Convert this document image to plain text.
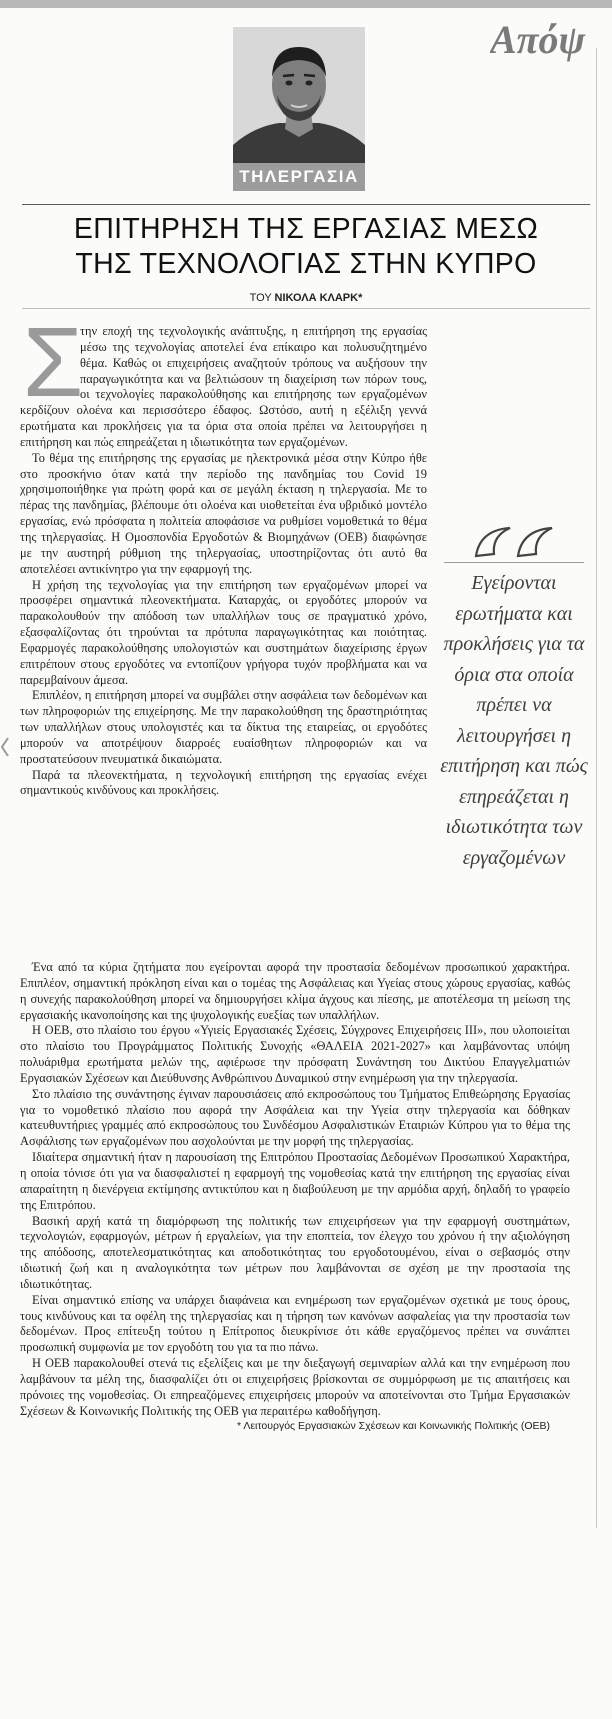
Απόψ
ΤΗΛΕΡΓΑΣΙΑ
ΕΠΙΤΗΡΗΣΗ ΤΗΣ ΕΡΓΑΣΙΑΣ ΜΕΣΩ
ΤΗΣ ΤΕΧΝΟΛΟΓΙΑΣ ΣΤΗΝ ΚΥΠΡΟ
ΤΟΥ ΝΙΚΟΛΑ ΚΛΑΡΚ*
Σ

την εποχή της τεχνολογικής ανάπτυξης, η επιτήρηση της εργασίας μέσω της τεχνολογίας αποτελεί ένα επίκαιρο και πολυσυζητημένο θέμα. Καθώς οι επιχειρήσεις αναζητούν τρόπους να αυξήσουν την παραγωγικότητα και να βελτιώσουν τη διαχείριση των πόρων τους, οι τεχνολογίες παρακολούθησης και επιτήρησης των εργαζομένων κερδίζουν ολοένα και περισσότερο έδαφος. Ωστόσο, αυτή η εξέλιξη γεννά ερωτήματα και προκλήσεις για τα όρια στα οποία πρέπει να λειτουργήσει η επιτήρηση και πώς επηρεάζεται η ιδιωτικότητα των εργαζομένων.

Το θέμα της επιτήρησης της εργασίας με ηλεκτρονικά μέσα στην Κύπρο ήθε στο προσκήνιο όταν κατά την περίοδο της πανδημίας του Covid 19 χρησιμοποιήθηκε για πρώτη φορά και σε μεγάλη έκταση η τηλεργασία. Με το πέρας της πανδημίας, βλέπουμε ότι ολοένα και υιοθετείται ένα υβριδικό μοντέλο εργασίας, ενώ πρόσφατα η πολιτεία αποφάσισε να ρυθμίσει νομοθετικά το θέμα της τηλεργασίας. Η Ομοσπονδία Εργοδοτών & Βιομηχάνων (ΟΕΒ) διαφώνησε με την αυστηρή ρύθμιση της τηλεργασίας, υποστηρίζοντας ότι αυτό θα αποτελέσει αντικίνητρο για την εφαρμογή της.

Η χρήση της τεχνολογίας για την επιτήρηση των εργαζομένων μπορεί να προσφέρει σημαντικά πλεονεκτήματα. Καταρχάς, οι εργοδότες μπορούν να παρακολουθούν την απόδοση των υπαλλήλων τους σε πραγματικό χρόνο, εξασφαλίζοντας ότι τηρούνται τα πρότυπα παραγωγικότητας και ποιότητας. Εφαρμογές παρακολούθησης υπολογιστών και συστημάτων διαχείρισης έργων επιτρέπουν στους εργοδότες να εντοπίζουν γρήγορα τυχόν προβλήματα και να παρεμβαίνουν άμεσα.

Επιπλέον, η επιτήρηση μπορεί να συμβάλει στην ασφάλεια των δεδομένων και των πληροφοριών της επιχείρησης. Με την παρακολούθηση της δραστηριότητας των υπαλλήλων στους υπολογιστές και τα δίκτυα της εταιρείας, οι εργοδότες μπορούν να αποτρέψουν διαρροές ευαίσθητων πληροφοριών και να προστατεύσουν πνευματικά δικαιώματα.

Παρά τα πλεονεκτήματα, η τεχνολογική επιτήρηση της εργασίας ενέχει σημαντικούς κινδύνους και προκλήσεις.

Ένα από τα κύρια ζητήματα που εγείρονται αφορά την προστασία δεδομένων προσωπικού χαρακτήρα. Επιπλέον, σημαντική πρόκληση είναι και ο τομέας της Ασφάλειας και Υγείας στους χώρους εργασίας, καθώς η συνεχής παρακολούθηση μπορεί να δημιουργήσει κλίμα άγχους και πίεσης, με αποτέλεσμα τη μείωση της εργασιακής ικανοποίησης και της ψυχολογικής ευεξίας των υπαλλήλων.

Η ΟΕΒ, στο πλαίσιο του έργου «Υγιείς Εργασιακές Σχέσεις, Σύγχρονες Επιχειρήσεις ΙΙΙ», που υλοποιείται στο πλαίσιο του Προγράμματος Πολιτικής Συνοχής «ΘΑΛΕΙΑ 2021-2027» και λαμβάνοντας υπόψη πολυάριθμα ερωτήματα μελών της, αφιέρωσε την πρόσφατη Συνάντηση του Δικτύου Επαγγελματιών Εργασιακών Σχέσεων και Διεύθυνσης Ανθρώπινου Δυναμικού στην ενημέρωση για την τηλεργασία.

Στο πλαίσιο της συνάντησης έγιναν παρουσιάσεις από εκπροσώπους του Τμήματος Επιθεώρησης Εργασίας για το νομοθετικό πλαίσιο που αφορά την Ασφάλεια και την Υγεία στην τηλεργασία και δόθηκαν κατευθυντήριες γραμμές από εκπροσώπους του Συνδέσμου Ασφαλιστικών Εταιριών Κύπρου για το θέμα της Ασφάλισης των εργαζομένων που ασχολούνται με την μορφή της τηλεργασίας.

Ιδιαίτερα σημαντική ήταν η παρουσίαση της Επιτρόπου Προστασίας Δεδομένων Προσωπικού Χαρακτήρα, η οποία τόνισε ότι για να διασφαλιστεί η εφαρμογή της νομοθεσίας κατά την επιτήρηση της εργασίας είναι απαραίτητη η διενέργεια εκτίμησης αντικτύπου και η διαβούλευση με την αρμόδια αρχή, δηλαδή το γραφείο της Επιτρόπου.

Βασική αρχή κατά τη διαμόρφωση της πολιτικής των επιχειρήσεων για την εφαρμογή συστημάτων, τεχνολογιών, εφαρμογών, μέτρων ή εργαλείων, για την εποπτεία, τον έλεγχο του χρόνου ή την αξιολόγηση της απόδοσης, αποτελεσματικότητας και αποδοτικότητας του εργοδοτουμένου, είναι ο σεβασμός στην ιδιωτική ζωή και η αναλογικότητα των μέτρων που λαμβάνονται σε σχέση με την προστασία της ιδιωτικότητας.

Είναι σημαντικό επίσης να υπάρχει διαφάνεια και ενημέρωση των εργαζομένων σχετικά με τους όρους, τους κινδύνους και τα οφέλη της τηλεργασίας και η τήρηση των κανόνων ασφαλείας για την προστασία των δεδομένων. Προς επίτευξη τούτου η Επίτροπος διευκρίνισε ότι κάθε εργαζόμενος πρέπει να συνάπτει προσωπική συμφωνία με τον εργοδότη του για τα πιο πάνω.

Η ΟΕΒ παρακολουθεί στενά τις εξελίξεις και με την διεξαγωγή σεμιναρίων αλλά και την ενημέρωση που λαμβάνουν τα μέλη της, διασφαλίζει ότι οι επιχειρήσεις βρίσκονται σε συμμόρφωση με τις απαιτήσεις και πρόνοιες της νομοθεσίας. Οι επηρεαζόμενες επιχειρήσεις μπορούν να αποτείνονται στο Τμήμα Εργασιακών Σχέσεων & Κοινωνικής Πολιτικής της ΟΕΒ για περαιτέρω καθοδήγηση.

* Λειτουργός Εργασιακών Σχέσεων και Κοινωνικής Πολιτικής (ΟΕΒ)

Εγείρονται ερωτήματα και προκλήσεις για τα όρια στα οποία πρέπει να λειτουργήσει η επιτήρηση και πώς επηρεάζεται η ιδιωτικότητα των εργαζομένων
